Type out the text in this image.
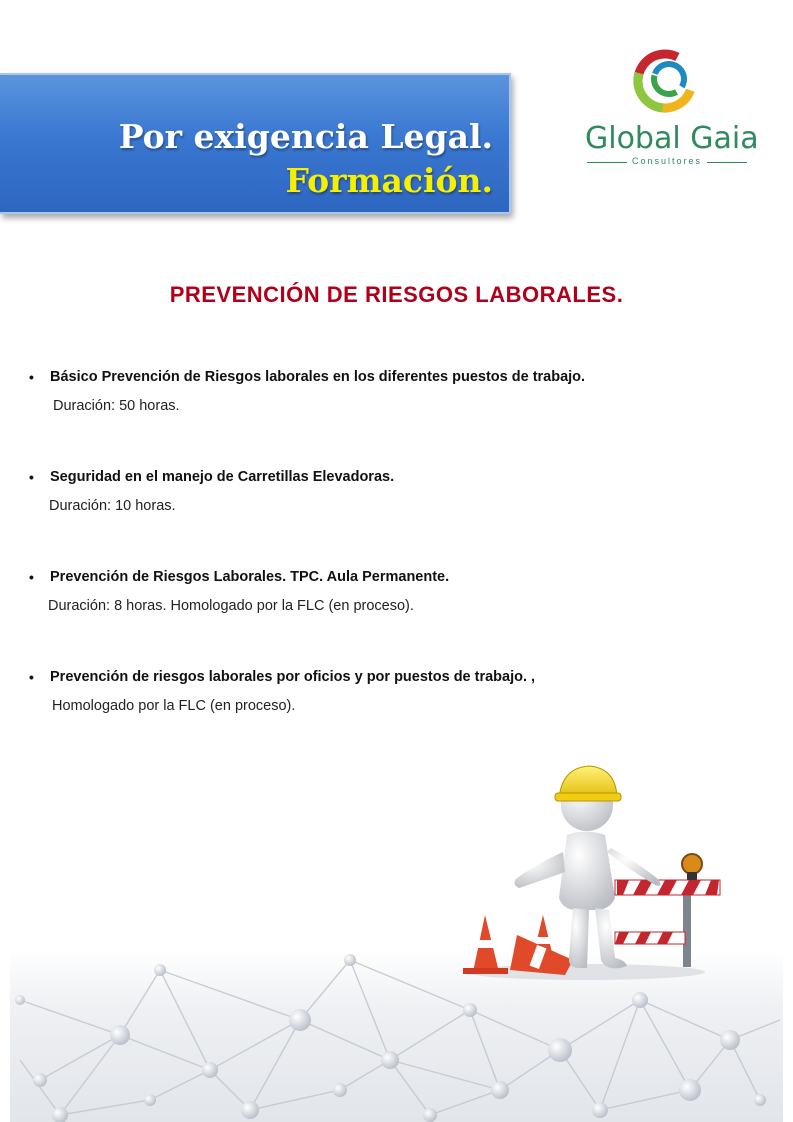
Por exigencia Legal.
Formación.
Global Gaia
Consultores
PREVENCIÓN DE RIESGOS LABORALES.
• Básico Prevención de Riesgos laborales en los diferentes puestos de trabajo.
Duración: 50 horas.
• Seguridad en el manejo de Carretillas Elevadoras.
Duración: 10 horas.
• Prevención de Riesgos Laborales. TPC. Aula Permanente.
Duración: 8 horas. Homologado por la FLC (en proceso).
• Prevención de riesgos laborales por oficios y por puestos de trabajo. ,
Homologado por la FLC (en proceso).
